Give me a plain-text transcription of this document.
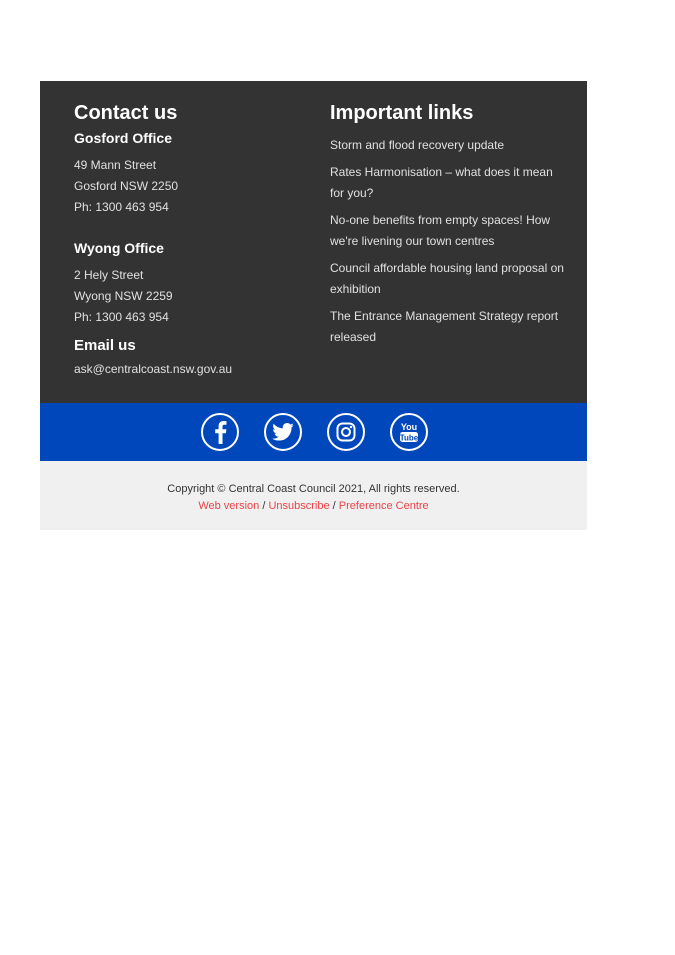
Contact us
Gosford Office
49 Mann Street
Gosford NSW 2250
Ph: 1300 463 954
Wyong Office
2 Hely Street
Wyong NSW 2259
Ph: 1300 463 954
Email us
ask@centralcoast.nsw.gov.au
Important links
Storm and flood recovery update
Rates Harmonisation – what does it mean for you?
No-one benefits from empty spaces! How we're livening our town centres
Council affordable housing land proposal on exhibition
The Entrance Management Strategy report released
You
Tube
Copyright © Central Coast Council 2021, All rights reserved.
Web version / Unsubscribe / Preference Centre
